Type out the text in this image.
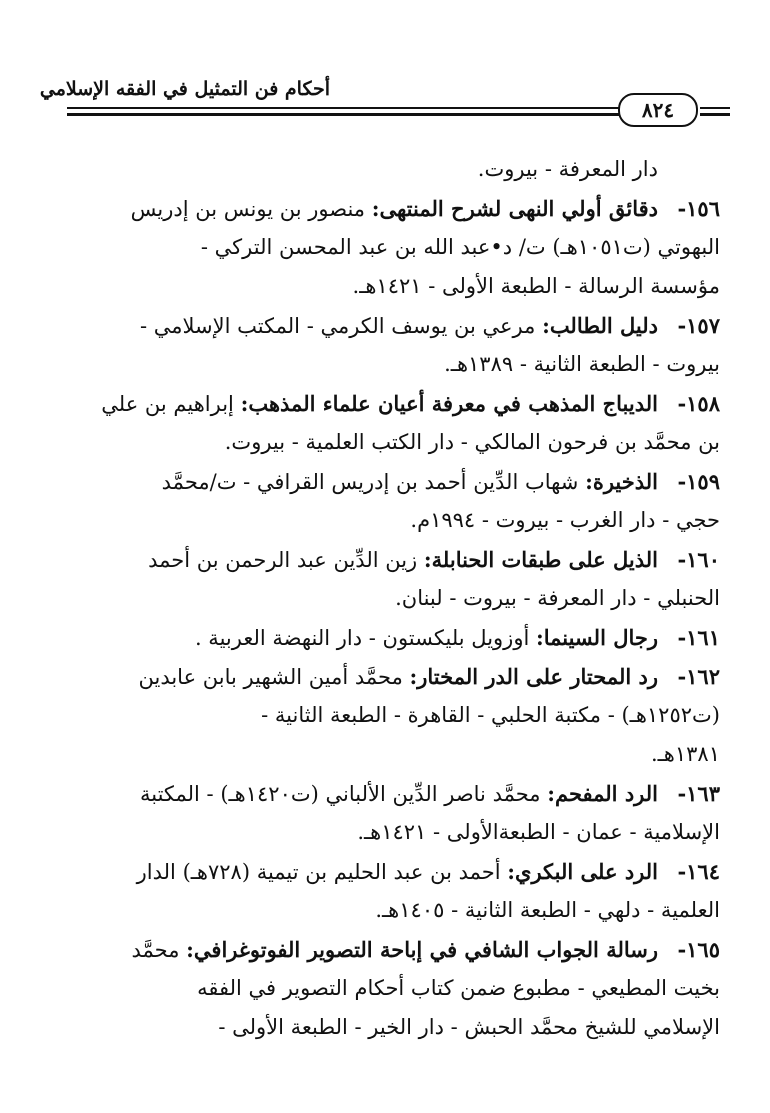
أحكام فن التمثيل في الفقه الإسلامي
٨٢٤
دار المعرفة - بيروت.
١٥٦-
دقائق أولي النهى لشرح المنتهى: منصور بن يونس بن إدريس
البهوتي (ت١٠٥١هـ) ت/ د•عبد الله بن عبد المحسن التركي -
مؤسسة الرسالة - الطبعة الأولى - ١٤٢١هـ.
١٥٧-
دليل الطالب: مرعي بن يوسف الكرمي - المكتب الإسلامي -
بيروت - الطبعة الثانية - ١٣٨٩هـ.
١٥٨-
الديباج المذهب في معرفة أعيان علماء المذهب: إبراهيم بن علي
بن محمَّد بن فرحون المالكي - دار الكتب العلمية - بيروت.
١٥٩-
الذخيرة: شهاب الدِّين أحمد بن إدريس القرافي - ت/محمَّد
حجي - دار الغرب - بيروت - ١٩٩٤م.
١٦٠-
الذيل على طبقات الحنابلة: زين الدِّين عبد الرحمن بن أحمد
الحنبلي - دار المعرفة - بيروت - لبنان.
١٦١-
رجال السينما: أوزويل بليكستون - دار النهضة العربية .
١٦٢-
رد المحتار على الدر المختار: محمَّد أمين الشهير بابن عابدين
(ت١٢٥٢هـ) - مكتبة الحلبي - القاهرة - الطبعة الثانية -
١٣٨١هـ.
١٦٣-
الرد المفحم: محمَّد ناصر الدِّين الألباني (ت١٤٢٠هـ) - المكتبة
الإسلامية - عمان - الطبعةالأولى - ١٤٢١هـ.
١٦٤-
الرد على البكري: أحمد بن عبد الحليم بن تيمية (٧٢٨هـ) الدار
العلمية - دلهي - الطبعة الثانية - ١٤٠٥هـ.
١٦٥-
رسالة الجواب الشافي في إباحة التصوير الفوتوغرافي: محمَّد
بخيت المطيعي - مطبوع ضمن كتاب أحكام التصوير في الفقه
الإسلامي للشيخ محمَّد الحبش - دار الخير - الطبعة الأولى -
